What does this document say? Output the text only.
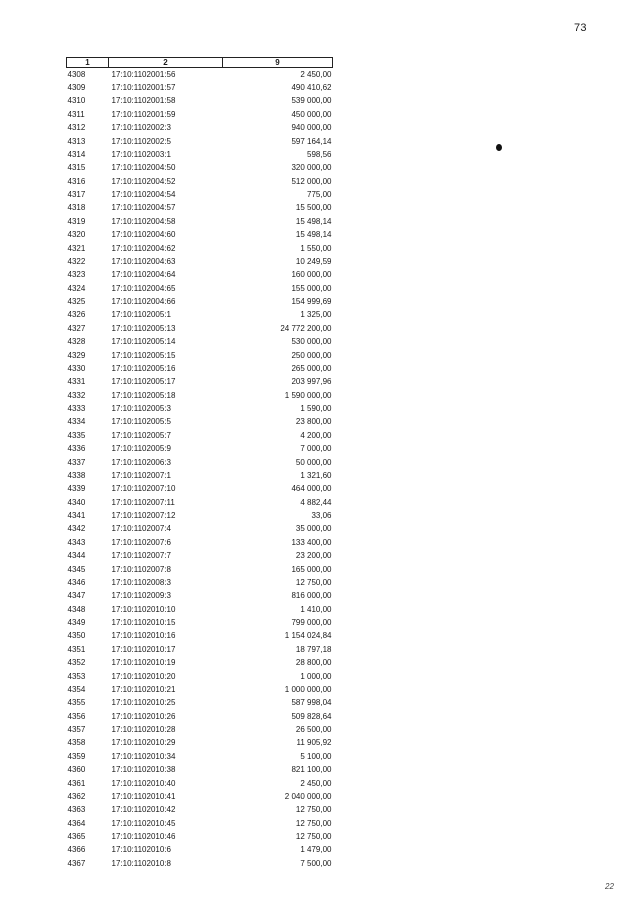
73
1	2	9
4308	17:10:1102001:56	2 450,00
4309	17:10:1102001:57	490 410,62
4310	17:10:1102001:58	539 000,00
4311	17:10:1102001:59	450 000,00
4312	17:10:1102002:3	940 000,00
4313	17:10:1102002:5	597 164,14
4314	17:10:1102003:1	598,56
4315	17:10:1102004:50	320 000,00
4316	17:10:1102004:52	512 000,00
4317	17:10:1102004:54	775,00
4318	17:10:1102004:57	15 500,00
4319	17:10:1102004:58	15 498,14
4320	17:10:1102004:60	15 498,14
4321	17:10:1102004:62	1 550,00
4322	17:10:1102004:63	10 249,59
4323	17:10:1102004:64	160 000,00
4324	17:10:1102004:65	155 000,00
4325	17:10:1102004:66	154 999,69
4326	17:10:1102005:1	1 325,00
4327	17:10:1102005:13	24 772 200,00
4328	17:10:1102005:14	530 000,00
4329	17:10:1102005:15	250 000,00
4330	17:10:1102005:16	265 000,00
4331	17:10:1102005:17	203 997,96
4332	17:10:1102005:18	1 590 000,00
4333	17:10:1102005:3	1 590,00
4334	17:10:1102005:5	23 800,00
4335	17:10:1102005:7	4 200,00
4336	17:10:1102005:9	7 000,00
4337	17:10:1102006:3	50 000,00
4338	17:10:1102007:1	1 321,60
4339	17:10:1102007:10	464 000,00
4340	17:10:1102007:11	4 882,44
4341	17:10:1102007:12	33,06
4342	17:10:1102007:4	35 000,00
4343	17:10:1102007:6	133 400,00
4344	17:10:1102007:7	23 200,00
4345	17:10:1102007:8	165 000,00
4346	17:10:1102008:3	12 750,00
4347	17:10:1102009:3	816 000,00
4348	17:10:1102010:10	1 410,00
4349	17:10:1102010:15	799 000,00
4350	17:10:1102010:16	1 154 024,84
4351	17:10:1102010:17	18 797,18
4352	17:10:1102010:19	28 800,00
4353	17:10:1102010:20	1 000,00
4354	17:10:1102010:21	1 000 000,00
4355	17:10:1102010:25	587 998,04
4356	17:10:1102010:26	509 828,64
4357	17:10:1102010:28	26 500,00
4358	17:10:1102010:29	11 905,92
4359	17:10:1102010:34	5 100,00
4360	17:10:1102010:38	821 100,00
4361	17:10:1102010:40	2 450,00
4362	17:10:1102010:41	2 040 000,00
4363	17:10:1102010:42	12 750,00
4364	17:10:1102010:45	12 750,00
4365	17:10:1102010:46	12 750,00
4366	17:10:1102010:6	1 479,00
4367	17:10:1102010:8	7 500,00
22
